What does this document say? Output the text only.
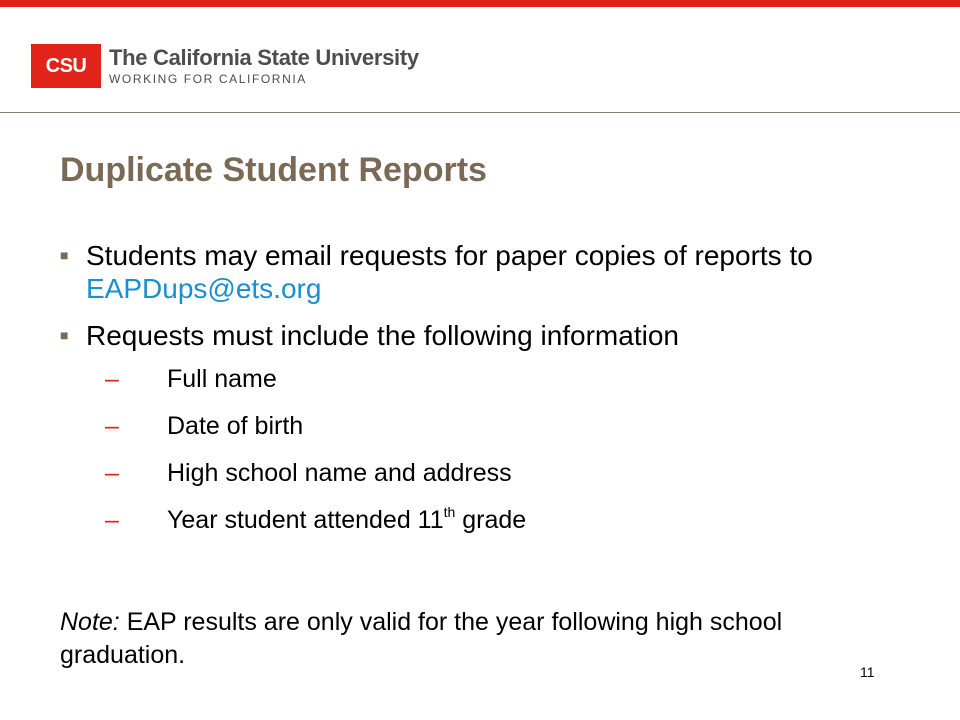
CSU	The California State University
WORKING FOR CALIFORNIA
Duplicate Student Reports
■ Students may email requests for paper copies of reports to EAPDups@ets.org
■ Requests must include the following information
–	Full name
–	Date of birth
–	High school name and address
–	Year student attended 11th grade
Note: EAP results are only valid for the year following high school graduation.
11
